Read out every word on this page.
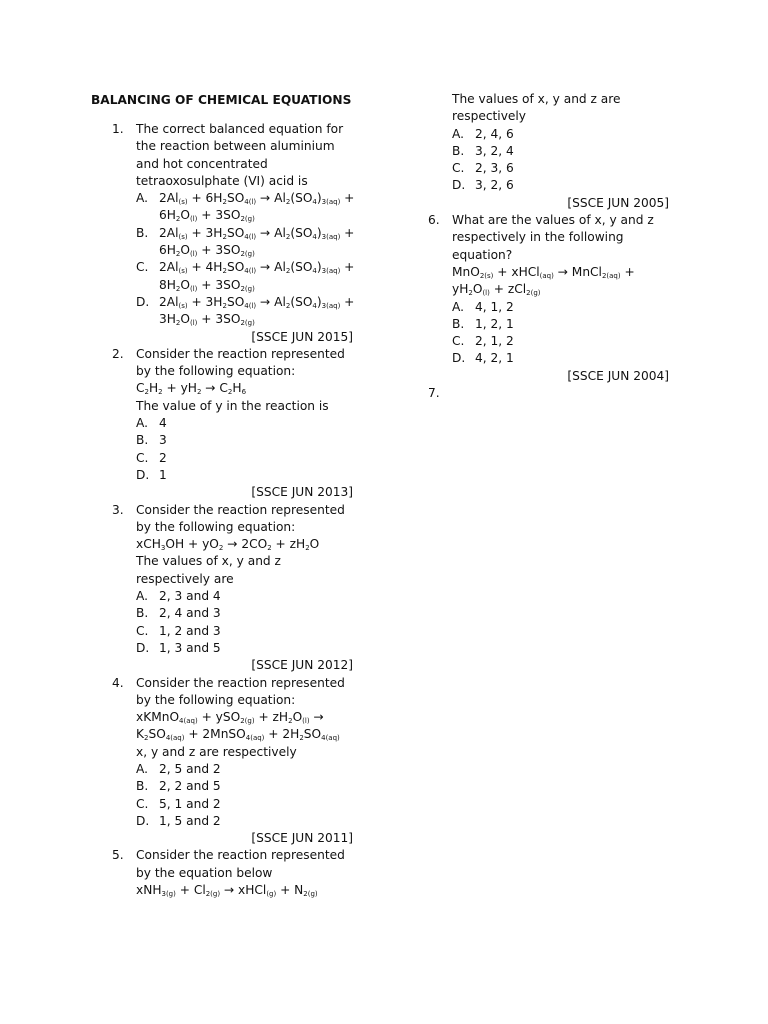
BALANCING OF CHEMICAL EQUATIONS
1. The correct balanced equation for
the reaction between aluminium
and hot concentrated
tetraoxosulphate (VI) acid is
A. $2Al_{(s)} + 6H_2SO_{4(l)} \to Al_2(SO_4)_{3(aq)}$ +
$6H_2O_{(l)} + 3SO_{2(g)}$
B. $2Al_{(s)} + 3H_2SO_{4(l)} \to Al_2(SO_4)_{3(aq)}$ +
$6H_2O_{(l)} + 3SO_{2(g)}$
C. $2Al_{(s)} + 4H_2SO_{4(l)} \to Al_2(SO_4)_{3(aq)}$ +
$8H_2O_{(l)} + 3SO_{2(g)}$
D. $2Al_{(s)} + 3H_2SO_{4(l)} \to Al_2(SO_4)_{3(aq)}$ +
$3H_2O_{(l)} + 3SO_{2(g)}$
[SSCE JUN 2015]
2. Consider the reaction represented
by the following equation:
$C_2H_2 + yH_2 \to C_2H_6$
The value of y in the reaction is
A. 4
B. 3
C. 2
D. 1
[SSCE JUN 2013]
3. Consider the reaction represented
by the following equation:
$xCH_3OH + yO_2 \to 2CO_2 + zH_2O$
The values of x, y and z
respectively are
A. 2, 3 and 4
B. 2, 4 and 3
C. 1, 2 and 3
D. 1, 3 and 5
[SSCE JUN 2012]
4. Consider the reaction represented
by the following equation:
xKMnO$_{4(aq)}$ + $ySO_{2(g)} + zH_2O_{(l)}$ →
$K_2SO_{4(aq)}$ + 2MnSO$_{4(aq)}$ + $2H_2SO_{4(aq)}$
x, y and z are respectively
A. 2, 5 and 2
B. 2, 2 and 5
C. 5, 1 and 2
D. 1, 5 and 2
[SSCE JUN 2011]
5. Consider the reaction represented
by the equation below
$xNH_{3(g)} + Cl_{2(g)}$ → xHCl$_{(g)}$ + $N_{2(g)}$
The values of x, y and z are
respectively
A. 2, 4, 6
B. 3, 2, 4
C. 2, 3, 6
D. 3, 2, 6
[SSCE JUN 2005]
6. What are the values of x, y and z
respectively in the following
equation?
MnO$_{2(s)}$ + xHCl$_{(aq)}$ → MnCl$_{2(aq)}$ +
$yH_2O_{(l)} + zCl_{2(g)}$
A. 4, 1, 2
B. 1, 2, 1
C. 2, 1, 2
D. 4, 2, 1
[SSCE JUN 2004]
7.
